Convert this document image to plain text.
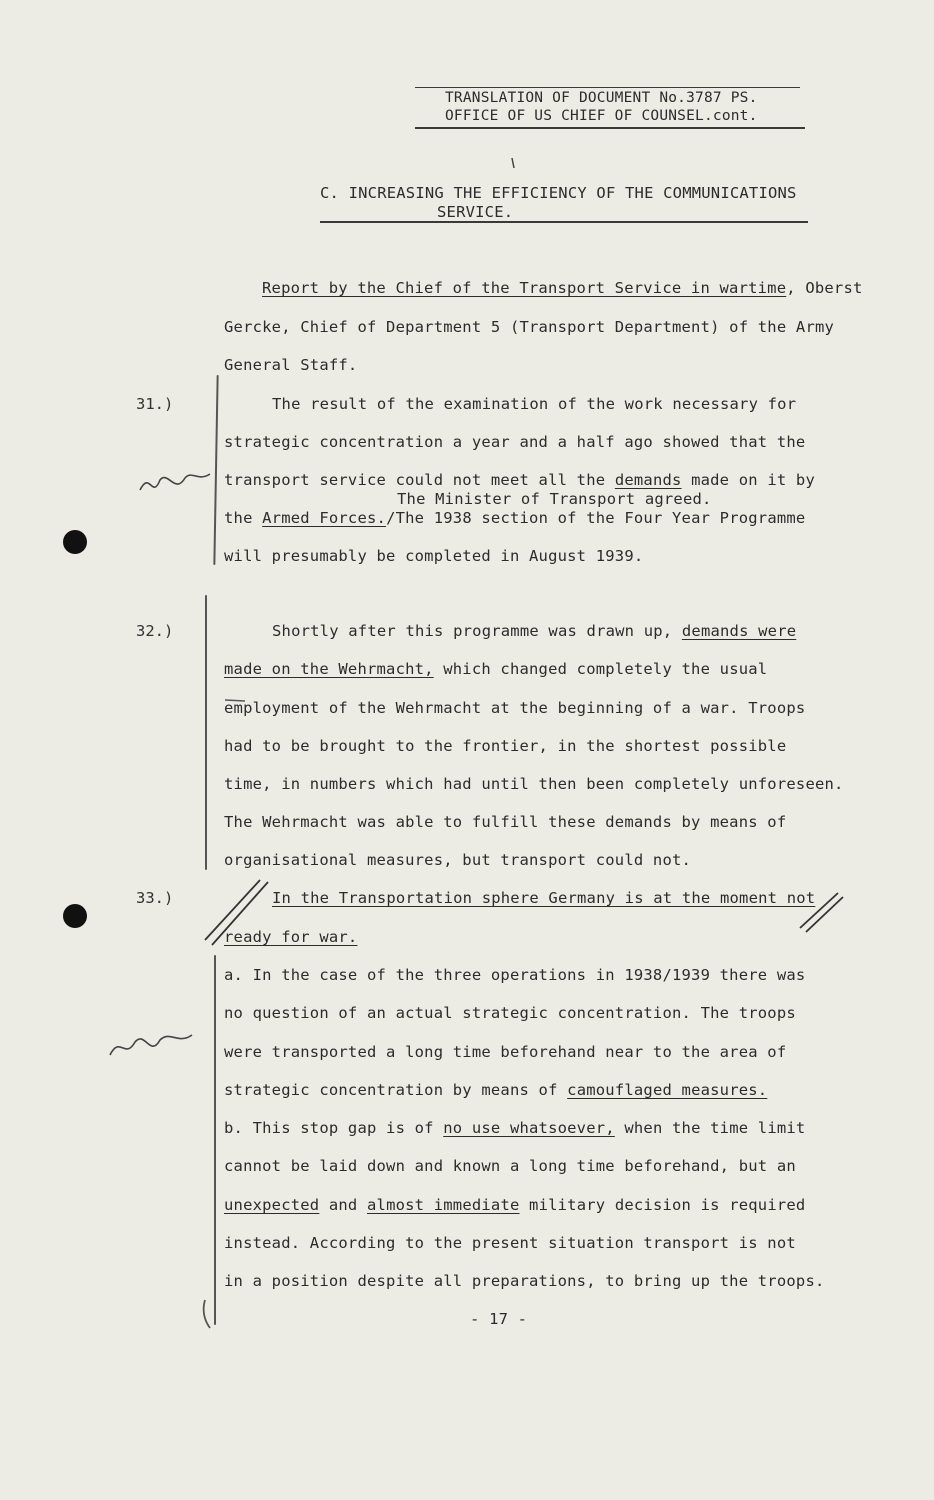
TRANSLATION OF DOCUMENT No.3787 PS.
OFFICE OF US CHIEF OF COUNSEL.cont.
C. INCREASING THE EFFICIENCY OF THE COMMUNICATIONS
SERVICE.
Report by the Chief of the Transport Service in wartime, Oberst
Gercke, Chief of Department 5 (Transport Department) of the Army
General Staff.
31.)	The result of the examination of the work necessary for
strategic concentration a year and a half ago showed that the
transport service could not meet all the demands made on it by
The Minister of Transport agreed.
the Armed Forces./The 1938 section of the Four Year Programme
will presumably be completed in August 1939.
32.)	Shortly after this programme was drawn up, demands were
made on the Wehrmacht, which changed completely the usual
employment of the Wehrmacht at the beginning of a war. Troops
had to be brought to the frontier, in the shortest possible
time, in numbers which had until then been completely unforeseen.
The Wehrmacht was able to fulfill these demands by means of
organisational measures, but transport could not.
33.)	In the Transportation sphere Germany is at the moment not
ready for war.
a. In the case of the three operations in 1938/1939 there was
no question of an actual strategic concentration. The troops
were transported a long time beforehand near to the area of
strategic concentration by means of camouflaged measures.
b. This stop gap is of no use whatsoever, when the time limit
cannot be laid down and known a long time beforehand, but an
unexpected and almost immediate military decision is required
instead. According to the present situation transport is not
in a position despite all preparations, to bring up the troops.
- 17 -
